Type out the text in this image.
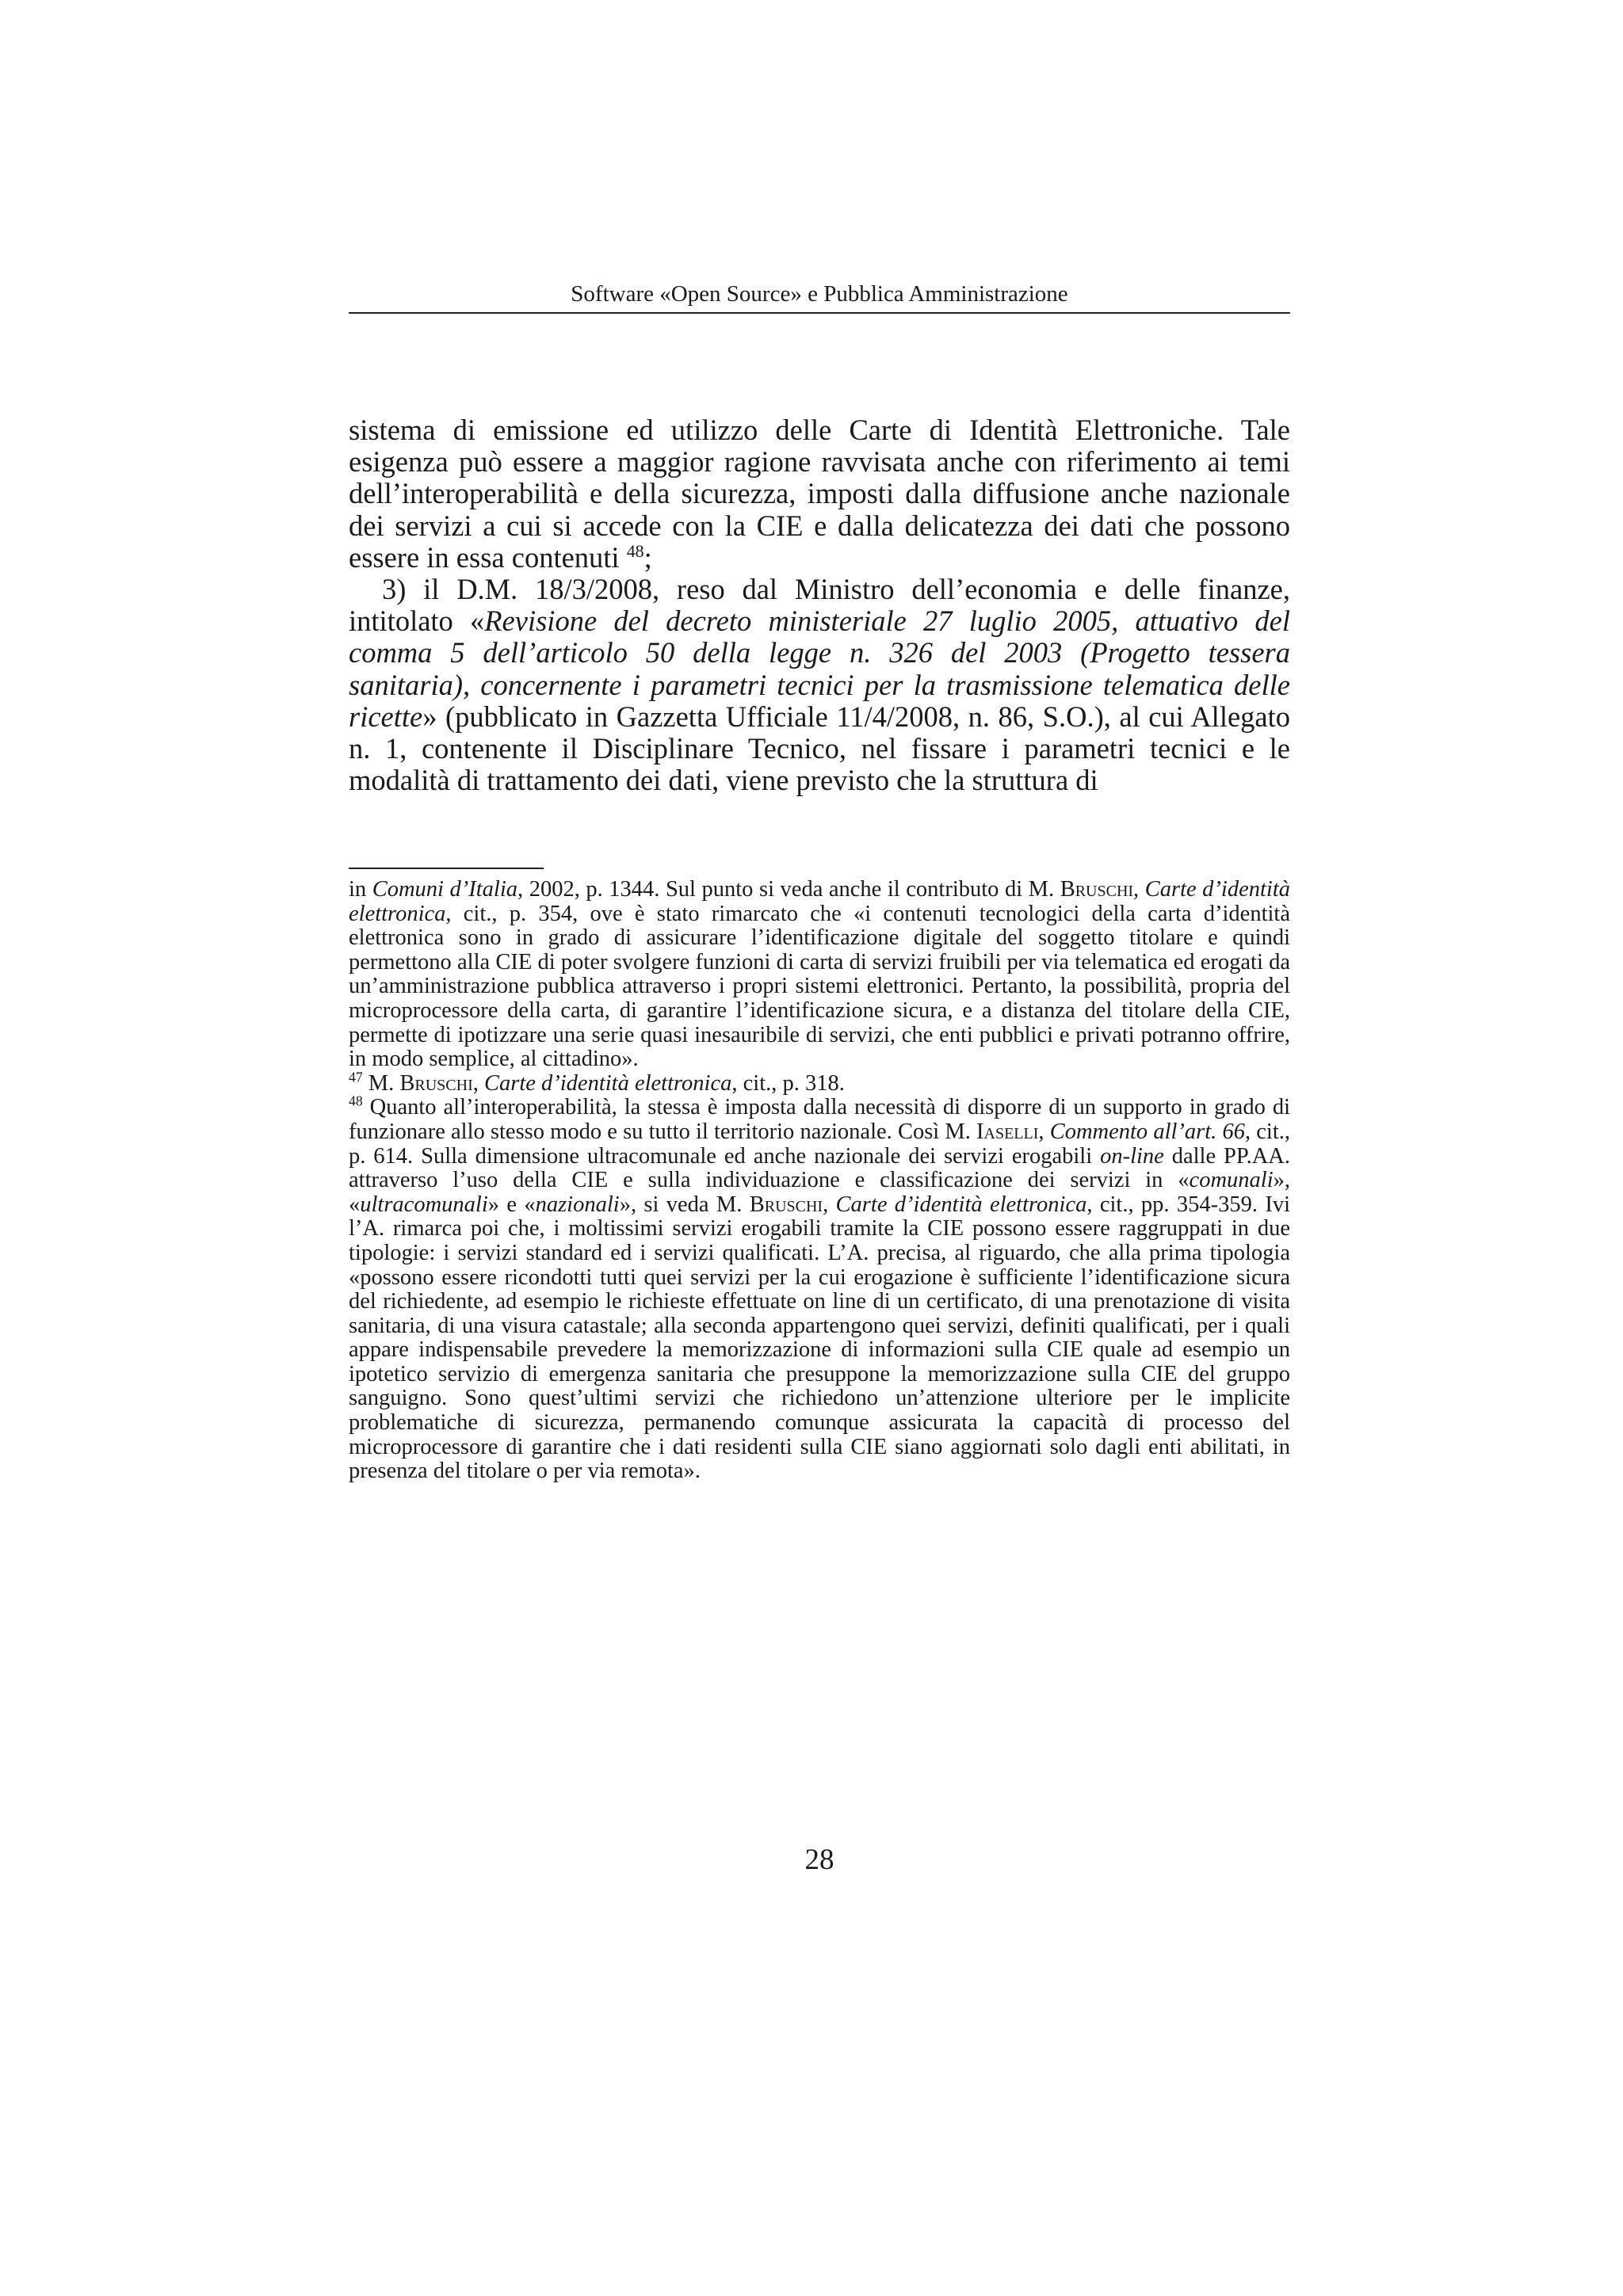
Software «Open Source» e Pubblica Amministrazione

sistema di emissione ed utilizzo delle Carte di Identità Elettroniche. Tale esigenza può essere a maggior ragione ravvisata anche con riferimento ai temi dell’interoperabilità e della sicurezza, imposti dalla diffusione anche nazionale dei servizi a cui si accede con la CIE e dalla delicatezza dei dati che possono essere in essa contenuti $^{48}$;

3) il D.M. 18/3/2008, reso dal Ministro dell’economia e delle finanze, intitolato «Revisione del decreto ministeriale 27 luglio 2005, attuativo del comma 5 dell’articolo 50 della legge n. 326 del 2003 (Progetto tessera sanitaria), concernente i parametri tecnici per la trasmissione telematica delle ricette» (pubblicato in Gazzetta Ufficiale 11/4/2008, n. 86, S.O.), al cui Allegato n. 1, contenente il Disciplinare Tecnico, nel fissare i parametri tecnici e le modalità di trattamento dei dati, viene previsto che la struttura di

in Comuni d’Italia, 2002, p. 1344. Sul punto si veda anche il contributo di M. Bruschi, Carte d’identità elettronica, cit., p. 354, ove è stato rimarcato che «i contenuti tecnologici della carta d’identità elettronica sono in grado di assicurare l’identificazione digitale del soggetto titolare e quindi permettono alla CIE di poter svolgere funzioni di carta di servizi fruibili per via telematica ed erogati da un’amministrazione pubblica attraverso i propri sistemi elettronici. Pertanto, la possibilità, propria del microprocessore della carta, di garantire l’identificazione sicura, e a distanza del titolare della CIE, permette di ipotizzare una serie quasi inesauribile di servizi, che enti pubblici e privati potranno offrire, in modo semplice, al cittadino».

$^{47}$ M. Bruschi, Carte d’identità elettronica, cit., p. 318.

$^{48}$ Quanto all’interoperabilità, la stessa è imposta dalla necessità di disporre di un supporto in grado di funzionare allo stesso modo e su tutto il territorio nazionale. Così M. Iaselli, Commento all’art. 66, cit., p. 614. Sulla dimensione ultracomunale ed anche nazionale dei servizi erogabili on-line dalle PP.AA. attraverso l’uso della CIE e sulla individuazione e classificazione dei servizi in «comunali», «ultracomunali» e «nazionali», si veda M. Bruschi, Carte d’identità elettronica, cit., pp. 354-359. Ivi l’A. rimarca poi che, i moltissimi servizi erogabili tramite la CIE possono essere raggruppati in due tipologie: i servizi standard ed i servizi qualificati. L’A. precisa, al riguardo, che alla prima tipologia «possono essere ricondotti tutti quei servizi per la cui erogazione è sufficiente l’identificazione sicura del richiedente, ad esempio le richieste effettuate on line di un certificato, di una prenotazione di visita sanitaria, di una visura catastale; alla seconda appartengono quei servizi, definiti qualificati, per i quali appare indispensabile prevedere la memorizzazione di informazioni sulla CIE quale ad esempio un ipotetico servizio di emergenza sanitaria che presuppone la memorizzazione sulla CIE del gruppo sanguigno. Sono quest’ultimi servizi che richiedono un’attenzione ulteriore per le implicite problematiche di sicurezza, permanendo comunque assicurata la capacità di processo del microprocessore di garantire che i dati residenti sulla CIE siano aggiornati solo dagli enti abilitati, in presenza del titolare o per via remota».

28
